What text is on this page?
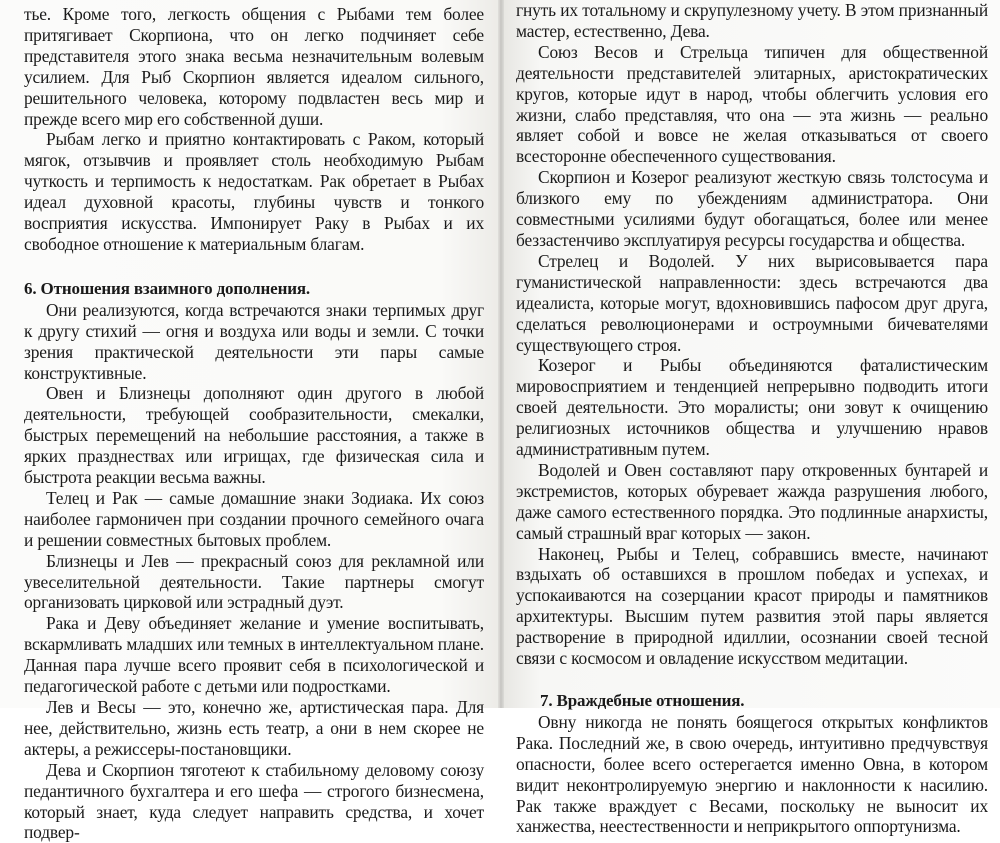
тье. Кроме того, легкость общения с Рыбами тем более притягивает Скорпиона, что он легко подчиняет себе представителя этого знака весьма незначительным волевым усилием. Для Рыб Скорпион является идеалом сильного, решительного человека, которому подвластен весь мир и прежде всего мир его собственной души.

Рыбам легко и приятно контактировать с Раком, который мягок, отзывчив и проявляет столь необходимую Рыбам чуткость и терпимость к недостаткам. Рак обретает в Рыбах идеал духовной красоты, глубины чувств и тонкого восприятия искусства. Импонирует Раку в Рыбах и их свободное отношение к материальным благам.

6. Отношения взаимного дополнения.

Они реализуются, когда встречаются знаки терпимых друг к другу стихий — огня и воздуха или воды и земли. С точки зрения практической деятельности эти пары самые конструктивные.

Овен и Близнецы дополняют один другого в любой деятельности, требующей сообразительности, смекалки, быстрых перемещений на небольшие расстояния, а также в ярких празднествах или игрищах, где физическая сила и быстрота реакции весьма важны.

Телец и Рак — самые домашние знаки Зодиака. Их союз наиболее гармоничен при создании прочного семейного очага и решении совместных бытовых проблем.

Близнецы и Лев — прекрасный союз для рекламной или увеселительной деятельности. Такие партнеры смогут организовать цирковой или эстрадный дуэт.

Рака и Деву объединяет желание и умение воспитывать, вскармливать младших или темных в интеллектуальном плане. Данная пара лучше всего проявит себя в психологической и педагогической работе с детьми или подростками.

Лев и Весы — это, конечно же, артистическая пара. Для нее, действительно, жизнь есть театр, а они в нем скорее не актеры, а режиссеры-постановщики.

Дева и Скорпион тяготеют к стабильному деловому союзу педантичного бухгалтера и его шефа — строгого бизнесмена, который знает, куда следует направить средства, и хочет подвер-

гнуть их тотальному и скрупулезному учету. В этом признанный мастер, естественно, Дева.

Союз Весов и Стрельца типичен для общественной деятельности представителей элитарных, аристократических кругов, которые идут в народ, чтобы облегчить условия его жизни, слабо представляя, что она — эта жизнь — реально являет собой и вовсе не желая отказываться от своего всесторонне обеспеченного существования.

Скорпион и Козерог реализуют жесткую связь толстосума и близкого ему по убеждениям администратора. Они совместными усилиями будут обогащаться, более или менее беззастенчиво эксплуатируя ресурсы государства и общества.

Стрелец и Водолей. У них вырисовывается пара гуманистической направленности: здесь встречаются два идеалиста, которые могут, вдохновившись пафосом друг друга, сделаться революционерами и остроумными бичевателями существующего строя.

Козерог и Рыбы объединяются фаталистическим мировосприятием и тенденцией непрерывно подводить итоги своей деятельности. Это моралисты; они зовут к очищению религиозных источников общества и улучшению нравов административным путем.

Водолей и Овен составляют пару откровенных бунтарей и экстремистов, которых обуревает жажда разрушения любого, даже самого естественного порядка. Это подлинные анархисты, самый страшный враг которых — закон.

Наконец, Рыбы и Телец, собравшись вместе, начинают вздыхать об оставшихся в прошлом победах и успехах, и успокаиваются на созерцании красот природы и памятников архитектуры. Высшим путем развития этой пары является растворение в природной идиллии, осознании своей тесной связи с космосом и овладение искусством медитации.

7. Враждебные отношения.

Овну никогда не понять боящегося открытых конфликтов Рака. Последний же, в свою очередь, интуитивно предчувствуя опасности, более всего остерегается именно Овна, в котором видит неконтролируемую энергию и наклонности к насилию. Рак также враждует с Весами, поскольку не выносит их ханжества, неестественности и неприкрытого оппортунизма.
